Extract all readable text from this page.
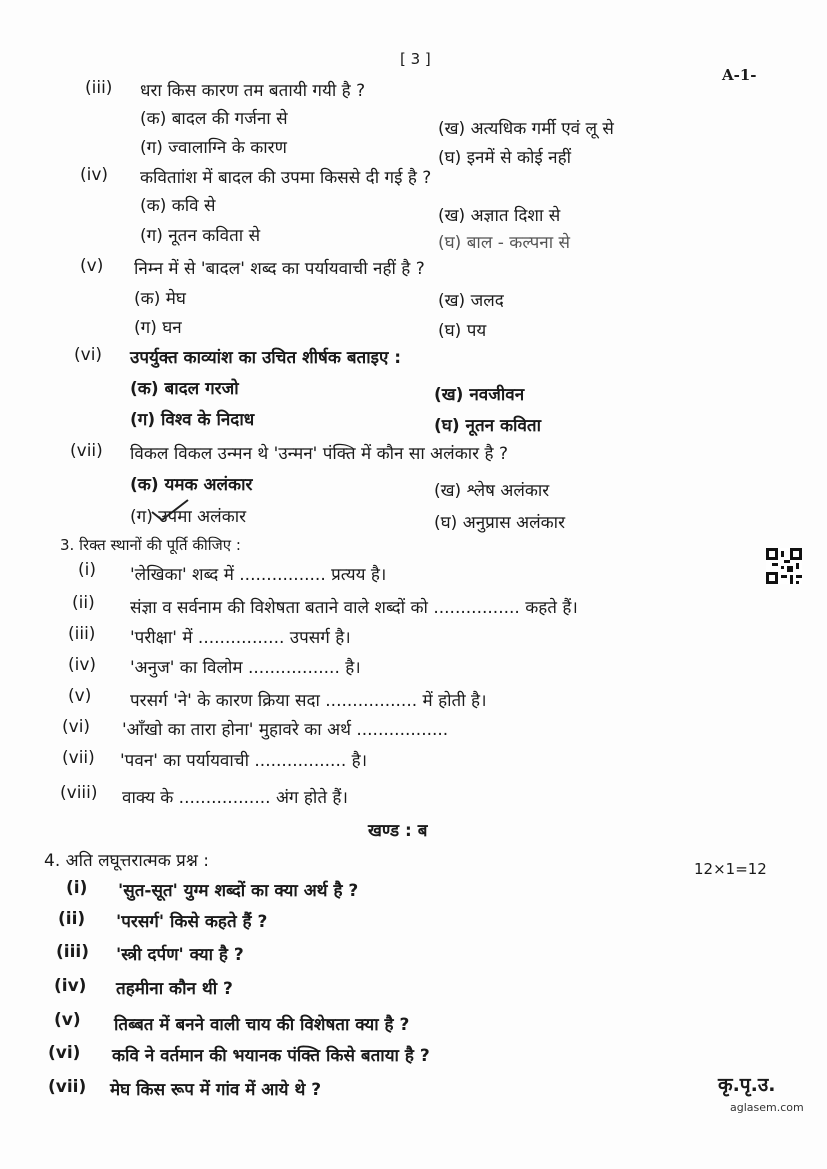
[ 3 ]
A-1-
(iii) धरा किस कारण तम बतायी गयी है ?
(क) बादल की गर्जना से	(ख) अत्यधिक गर्मी एवं लू से
(ग) ज्वालाग्नि के कारण	(घ) इनमें से कोई नहीं
(iv) कविताांश में बादल की उपमा किससे दी गई है ?
(क) कवि से	(ख) अज्ञात दिशा से
(ग) नूतन कविता से	(घ) बाल - कल्पना से
(v) निम्न में से 'बादल' शब्द का पर्यायवाची नहीं है ?
(क) मेघ	(ख) जलद
(ग) घन	(घ) पय
(vi) उपर्युक्त काव्यांश का उचित शीर्षक बताइए :
(क) बादल गरजो	(ख) नवजीवन
(ग) विश्व के निदाध	(घ) नूतन कविता
(vii) विकल विकल उन्मन थे 'उन्मन' पंक्ति में कौन सा अलंकार है ?
(क) यमक अलंकार	(ख) श्लेष अलंकार
(ग) उपमा अलंकार	(घ) अनुप्रास अलंकार
3. रिक्त स्थानों की पूर्ति कीजिए :
(i) 'लेखिका' शब्द में ................ प्रत्यय है।
(ii) संज्ञा व सर्वनाम की विशेषता बताने वाले शब्दों को ................ कहते हैं।
(iii) 'परीक्षा' में ................ उपसर्ग है।
(iv) 'अनुज' का विलोम ................. है।
(v) परसर्ग 'ने' के कारण क्रिया सदा ................. में होती है।
(vi) 'आँखो का तारा होना' मुहावरे का अर्थ .................
(vii) 'पवन' का पर्यायवाची ................. है।
(viii) वाक्य के ................. अंग होते हैं।
खण्ड : ब
4. अति लघूत्तरात्मक प्रश्न :	12×1=12
(i) 'सुत-सूत' युग्म शब्दों का क्या अर्थ है ?
(ii) 'परसर्ग' किसे कहते हैं ?
(iii) 'स्त्री दर्पण' क्या है ?
(iv) तहमीना कौन थी ?
(v) तिब्बत में बनने वाली चाय की विशेषता क्या है ?
(vi) कवि ने वर्तमान की भयानक पंक्ति किसे बताया है ?
(vii) मेघ किस रूप में गांव में आये थे ?	कृ.पृ.उ.
aglasem.com
